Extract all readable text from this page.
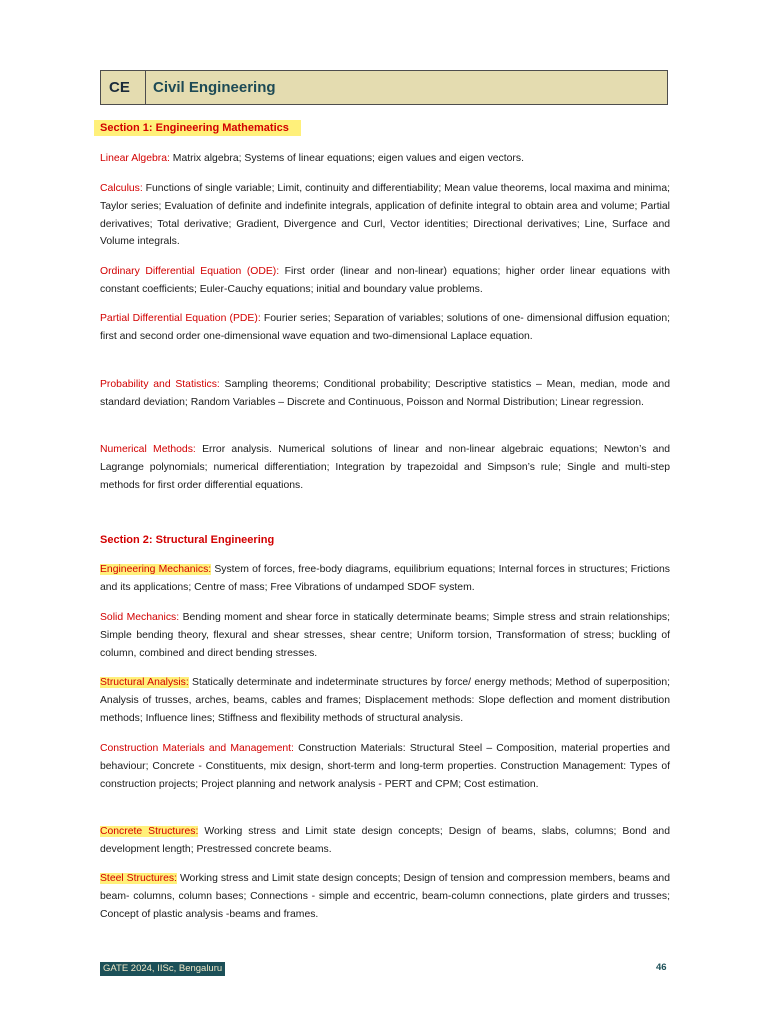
CE	Civil Engineering
Section 1: Engineering Mathematics
Linear Algebra: Matrix algebra; Systems of linear equations; eigen values and eigen vectors.
Calculus: Functions of single variable; Limit, continuity and differentiability; Mean value theorems, local maxima and minima; Taylor series; Evaluation of definite and indefinite integrals, application of definite integral to obtain area and volume; Partial derivatives; Total derivative; Gradient, Divergence and Curl, Vector identities; Directional derivatives; Line, Surface and Volume integrals.
Ordinary Differential Equation (ODE): First order (linear and non-linear) equations; higher order linear equations with constant coefficients; Euler-Cauchy equations; initial and boundary value problems.
Partial Differential Equation (PDE): Fourier series; Separation of variables; solutions of one- dimensional diffusion equation; first and second order one-dimensional wave equation and two-dimensional Laplace equation.
Probability and Statistics: Sampling theorems; Conditional probability; Descriptive statistics – Mean, median, mode and standard deviation; Random Variables – Discrete and Continuous, Poisson and Normal Distribution; Linear regression.
Numerical Methods: Error analysis. Numerical solutions of linear and non-linear algebraic equations; Newton’s and Lagrange polynomials; numerical differentiation; Integration by trapezoidal and Simpson’s rule; Single and multi-step methods for first order differential equations.
Section 2: Structural Engineering
Engineering Mechanics: System of forces, free-body diagrams, equilibrium equations; Internal forces in structures; Frictions and its applications; Centre of mass; Free Vibrations of undamped SDOF system.
Solid Mechanics: Bending moment and shear force in statically determinate beams; Simple stress and strain relationships; Simple bending theory, flexural and shear stresses, shear centre; Uniform torsion, Transformation of stress; buckling of column, combined and direct bending stresses.
Structural Analysis: Statically determinate and indeterminate structures by force/ energy methods; Method of superposition; Analysis of trusses, arches, beams, cables and frames; Displacement methods: Slope deflection and moment distribution methods; Influence lines; Stiffness and flexibility methods of structural analysis.
Construction Materials and Management: Construction Materials: Structural Steel – Composition, material properties and behaviour; Concrete - Constituents, mix design, short-term and long-term properties. Construction Management: Types of construction projects; Project planning and network analysis - PERT and CPM; Cost estimation.
Concrete Structures: Working stress and Limit state design concepts; Design of beams, slabs, columns; Bond and development length; Prestressed concrete beams.
Steel Structures: Working stress and Limit state design concepts; Design of tension and compression members, beams and beam- columns, column bases; Connections - simple and eccentric, beam-column connections, plate girders and trusses; Concept of plastic analysis -beams and frames.
GATE 2024, IISc, Bengaluru	46
